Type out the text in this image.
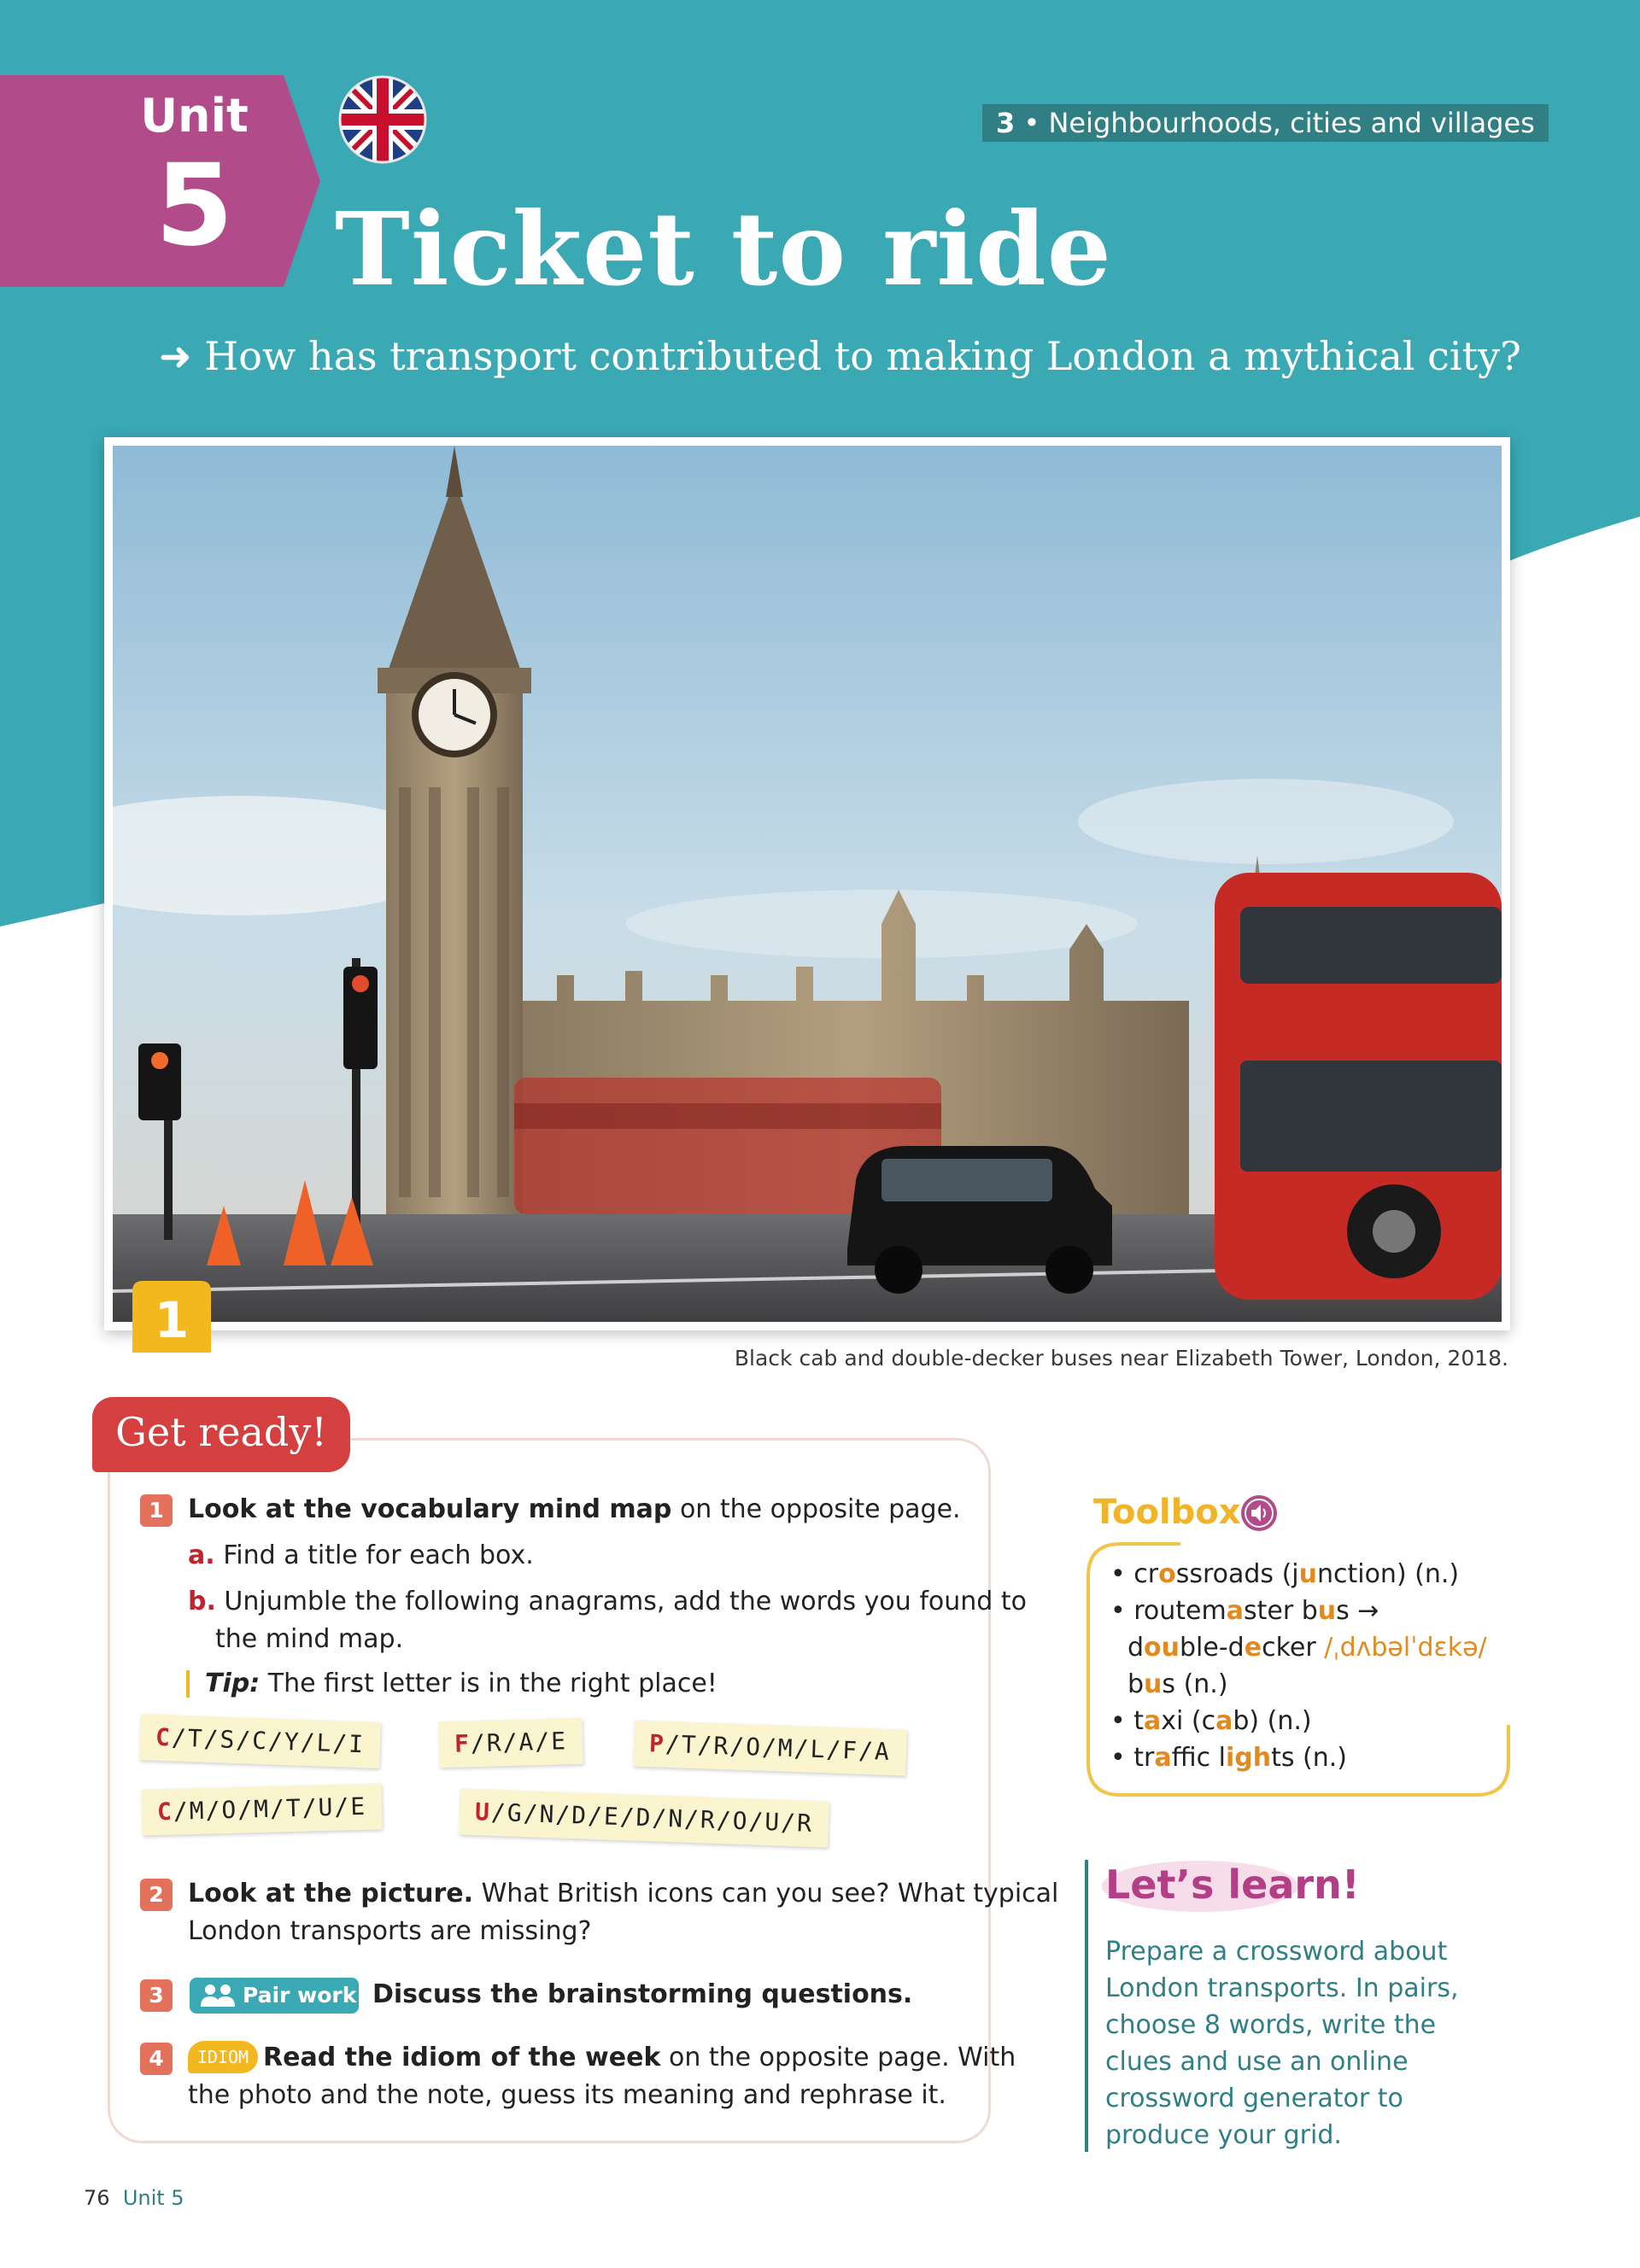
Unit
5
3 • Neighbourhoods, cities and villages
Ticket to ride
➜ How has transport contributed to making London a mythical city?
1
Black cab and double-decker buses near Elizabeth Tower, London, 2018.
Get ready!
1 Look at the vocabulary mind map on the opposite page.
a. Find a title for each box.
b. Unjumble the following anagrams, add the words you found to
the mind map.
Tip: The first letter is in the right place!
C/T/S/C/Y/L/I	F/R/A/E	P/T/R/O/M/L/F/A
C/M/O/M/T/U/E	U/G/N/D/E/D/N/R/O/U/R
2 Look at the picture. What British icons can you see? What typical
London transports are missing?
3	Pair work Discuss the brainstorming questions.
4	IDIOM Read the idiom of the week on the opposite page. With
the photo and the note, guess its meaning and rephrase it.
Toolbox
• crossroads (junction) (n.)
• routemaster bus →
double-decker /ˌdʌbəlˈdɛkə/
bus (n.)
• taxi (cab) (n.)
• traffic lights (n.)
Let’s learn!
Prepare a crossword about London transports. In pairs, choose 8 words, write the clues and use an online crossword generator to produce your grid.
76 Unit 5
